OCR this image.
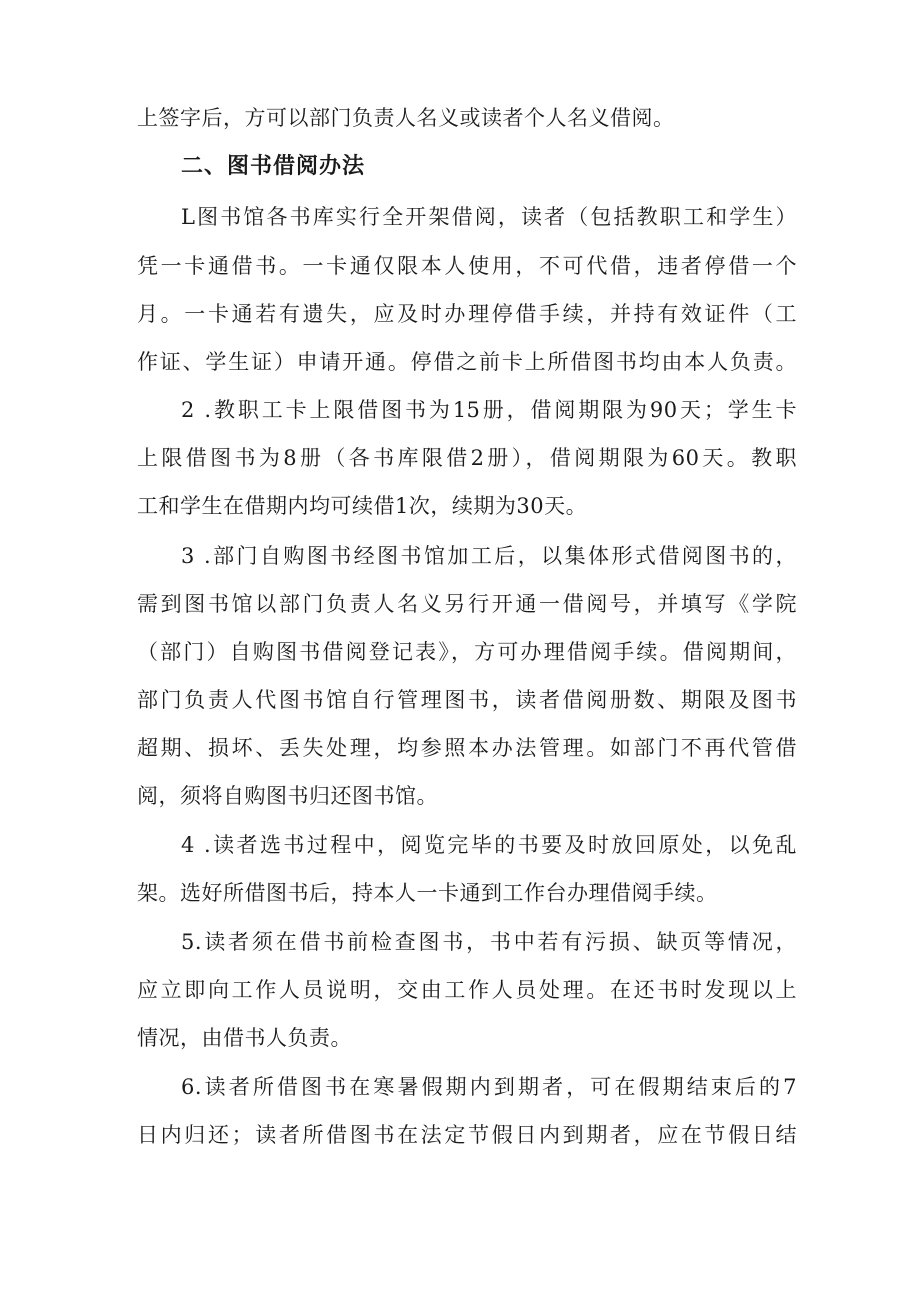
上签字后，方可以部门负责人名义或读者个人名义借阅。
二、图书借阅办法
L图书馆各书库实行全开架借阅，读者（包括教职工和学生）
凭一卡通借书。一卡通仅限本人使用，不可代借，违者停借一个
月。一卡通若有遗失，应及时办理停借手续，并持有效证件（工
作证、学生证）申请开通。停借之前卡上所借图书均由本人负责。
2 .教职工卡上限借图书为15册，借阅期限为90天；学生卡
上限借图书为8册（各书库限借2册），借阅期限为60天。教职
工和学生在借期内均可续借1次，续期为30天。
3 .部门自购图书经图书馆加工后，以集体形式借阅图书的，
需到图书馆以部门负责人名义另行开通一借阅号，并填写《学院
（部门）自购图书借阅登记表》，方可办理借阅手续。借阅期间，
部门负责人代图书馆自行管理图书，读者借阅册数、期限及图书
超期、损坏、丢失处理，均参照本办法管理。如部门不再代管借
阅，须将自购图书归还图书馆。
4 .读者选书过程中，阅览完毕的书要及时放回原处，以免乱
架。选好所借图书后，持本人一卡通到工作台办理借阅手续。
5.读者须在借书前检查图书，书中若有污损、缺页等情况，
应立即向工作人员说明，交由工作人员处理。在还书时发现以上
情况，由借书人负责。
6.读者所借图书在寒暑假期内到期者，可在假期结束后的7
日内归还；读者所借图书在法定节假日内到期者，应在节假日结
